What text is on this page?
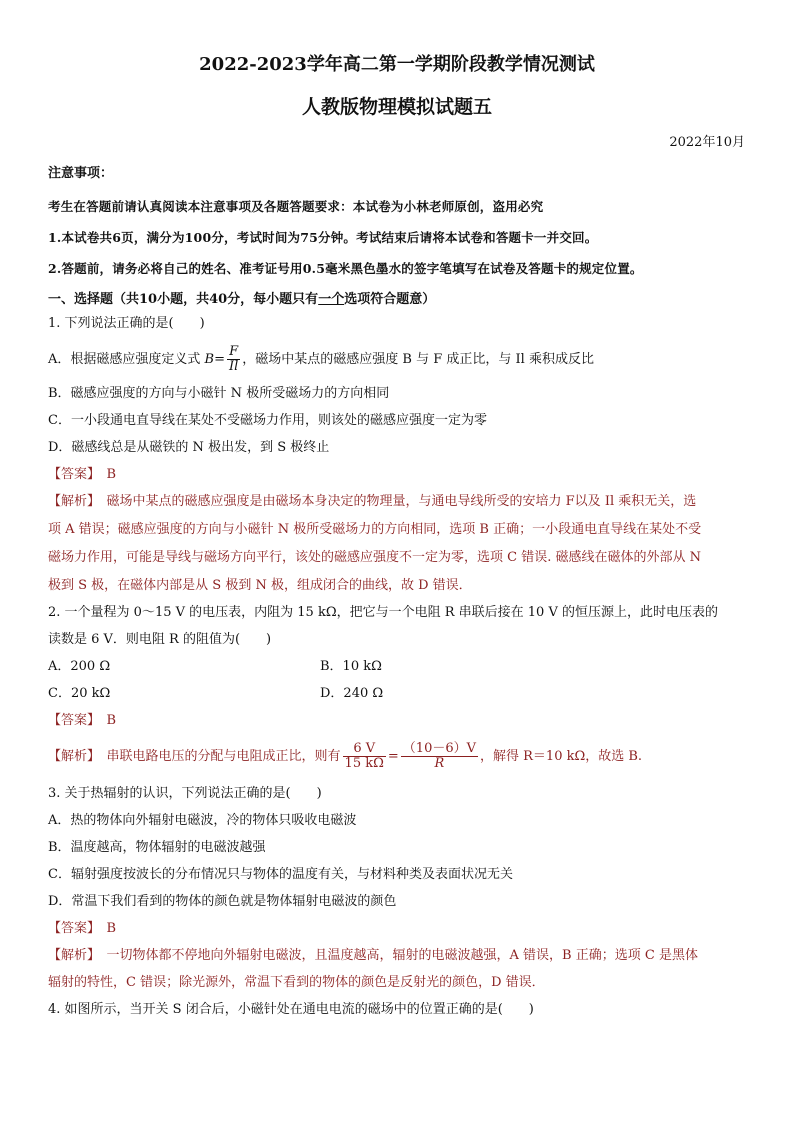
2022-2023学年高二第一学期阶段教学情况测试
人教版物理模拟试题五
2022年10月
注意事项：
考生在答题前请认真阅读本注意事项及各题答题要求：本试卷为小林老师原创，盗用必究
1.本试卷共6页，满分为100分，考试时间为75分钟。考试结束后请将本试卷和答题卡一并交回。
2.答题前，请务必将自己的姓名、准考证号用0.5毫米黑色墨水的签字笔填写在试卷及答题卡的规定位置。
一、选择题（共10小题，共40分，每小题只有一个选项符合题意）
1. 下列说法正确的是(　　)
A．根据磁感应强度定义式 $B= \frac{F}{Il}$ ，磁场中某点的磁感应强度 B 与 F 成正比，与 Il 乘积成反比
B．磁感应强度的方向与小磁针 N 极所受磁场力的方向相同
C．一小段通电直导线在某处不受磁场力作用，则该处的磁感应强度一定为零
D．磁感线总是从磁铁的 N 极出发，到 S 极终止
【答案】　 B
【解析】　 磁场中某点的磁感应强度是由磁场本身决定的物理量，与通电导线所受的安培力 F以及 Il 乘积无关，选
项 A 错误；磁感应强度的方向与小磁针 N 极所受磁场力的方向相同，选项 B 正确；一小段通电直导线在某处不受
磁场力作用，可能是导线与磁场方向平行，该处的磁感应强度不一定为零，选项 C 错误. 磁感线在磁体的外部从 N
极到 S 极，在磁体内部是从 S 极到 N 极，组成闭合的曲线，故 D 错误．
2. 一个量程为 0～15 V 的电压表，内阻为 15 kΩ，把它与一个电阻 R 串联后接在 10 V 的恒压源上，此时电压表的
读数是 6 V．则电阻 R 的阻值为(　　)
A．200 Ω	B．10 kΩ
C．20 kΩ	D．240 Ω
【答案】　 B
【解析】　 串联电路电压的分配与电阻成正比，则有 $\frac{6 V}{15 k\Omega} = \frac{(10-6)V}{R}$ ，解得 R＝10 kΩ，故选 B.
3. 关于热辐射的认识，下列说法正确的是(　　)
A．热的物体向外辐射电磁波，冷的物体只吸收电磁波
B．温度越高，物体辐射的电磁波越强
C．辐射强度按波长的分布情况只与物体的温度有关，与材料种类及表面状况无关
D．常温下我们看到的物体的颜色就是物体辐射电磁波的颜色
【答案】　 B
【解析】　 一切物体都不停地向外辐射电磁波，且温度越高，辐射的电磁波越强，A 错误，B 正确；选项 C 是黑体
辐射的特性，C 错误；除光源外，常温下看到的物体的颜色是反射光的颜色，D 错误．
4. 如图所示，当开关 S 闭合后，小磁针处在通电电流的磁场中的位置正确的是(　　)
